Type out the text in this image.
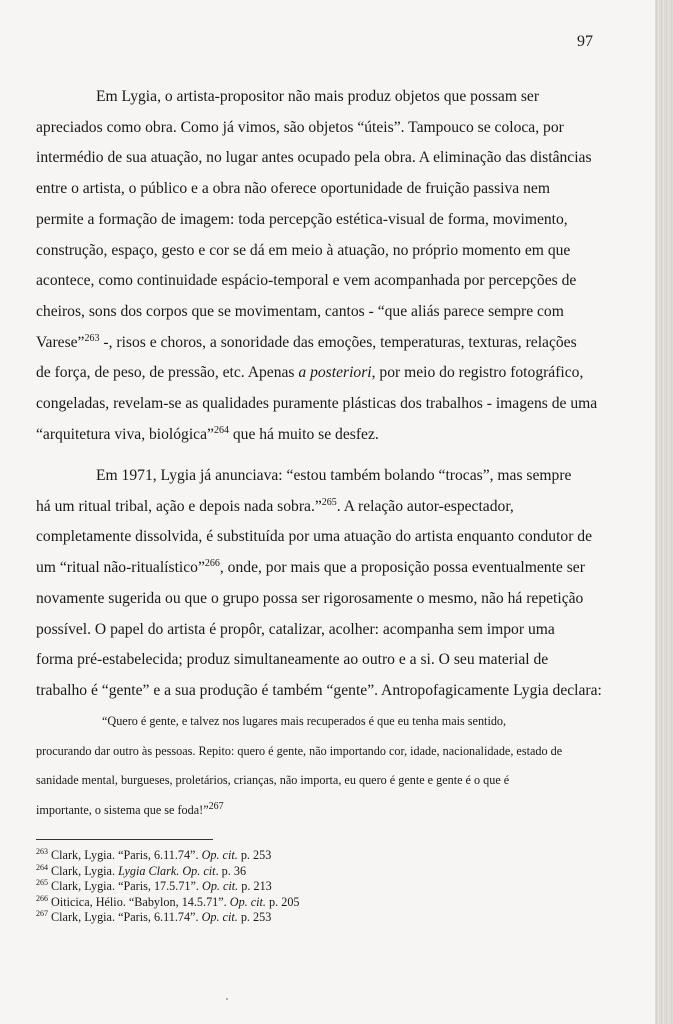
97
Em Lygia, o artista-propositor não mais produz objetos que possam ser
apreciados como obra. Como já vimos, são objetos “úteis”. Tampouco se coloca, por
intermédio de sua atuação, no lugar antes ocupado pela obra. A eliminação das distâncias
entre o artista, o público e a obra não oferece oportunidade de fruição passiva nem
permite a formação de imagem: toda percepção estética-visual de forma, movimento,
construção, espaço, gesto e cor se dá em meio à atuação, no próprio momento em que
acontece, como continuidade espácio-temporal e vem acompanhada por percepções de
cheiros, sons dos corpos que se movimentam, cantos - “que aliás parece sempre com
Varese”$^{263}$ -, risos e choros, a sonoridade das emoções, temperaturas, texturas, relações
de força, de peso, de pressão, etc. Apenas a posteriori, por meio do registro fotográfico,
congeladas, revelam-se as qualidades puramente plásticas dos trabalhos - imagens de uma
“arquitetura viva, biológica”$^{264}$ que há muito se desfez.
Em 1971, Lygia já anunciava: “estou também bolando “trocas”, mas sempre
há um ritual tribal, ação e depois nada sobra.”$^{265}$. A relação autor-espectador,
completamente dissolvida, é substituída por uma atuação do artista enquanto condutor de
um “ritual não-ritualístico”$^{266}$, onde, por mais que a proposição possa eventualmente ser
novamente sugerida ou que o grupo possa ser rigorosamente o mesmo, não há repetição
possível. O papel do artista é propôr, catalizar, acolher: acompanha sem impor uma
forma pré-estabelecida; produz simultaneamente ao outro e a si. O seu material de
trabalho é “gente” e a sua produção é também “gente”. Antropofagicamente Lygia declara:
“Quero é gente, e talvez nos lugares mais recuperados é que eu tenha mais sentido,
procurando dar outro às pessoas. Repito: quero é gente, não importando cor, idade, nacionalidade, estado de
sanidade mental, burgueses, proletários, crianças, não importa, eu quero é gente e gente é o que é
importante, o sistema que se foda!”$^{267}$
$^{263}$ Clark, Lygia. “Paris, 6.11.74”. Op. cit. p. 253
$^{264}$ Clark, Lygia. Lygia Clark. Op. cit. p. 36
$^{265}$ Clark, Lygia. “Paris, 17.5.71”. Op. cit. p. 213
$^{266}$ Oiticica, Hélio. “Babylon, 14.5.71”. Op. cit. p. 205
$^{267}$ Clark, Lygia. “Paris, 6.11.74”. Op. cit. p. 253
